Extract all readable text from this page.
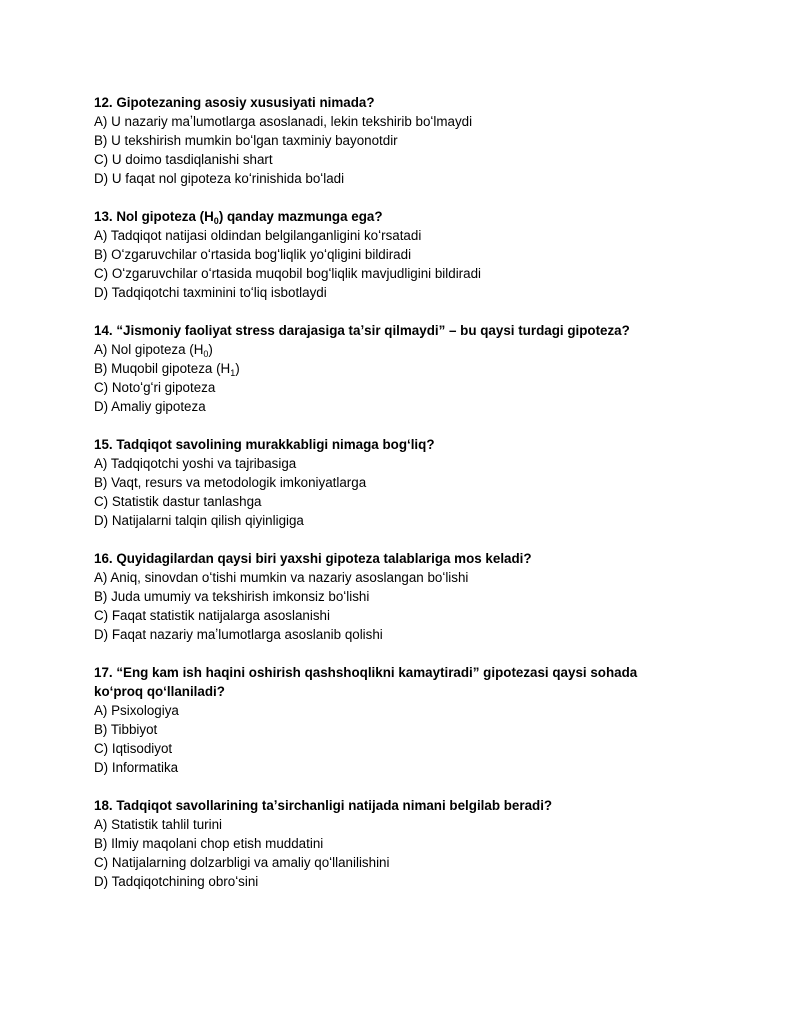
12. Gipotezaning asosiy xususiyati nimada?

A) U nazariy maʼlumotlarga asoslanadi, lekin tekshirib boʻlmaydi

B) U tekshirish mumkin boʻlgan taxminiy bayonotdir

C) U doimo tasdiqlanishi shart

D) U faqat nol gipoteza koʻrinishida boʻladi

13. Nol gipoteza $(H_0)$ qanday mazmunga ega?

A) Tadqiqot natijasi oldindan belgilanganligini koʻrsatadi

B) Oʻzgaruvchilar oʻrtasida bogʻliqlik yoʻqligini bildiradi

C) Oʻzgaruvchilar oʻrtasida muqobil bogʻliqlik mavjudligini bildiradi

D) Tadqiqotchi taxminini toʻliq isbotlaydi

14. “Jismoniy faoliyat stress darajasiga taʼsir qilmaydi” – bu qaysi turdagi gipoteza?

A) Nol gipoteza $(H_0)$

B) Muqobil gipoteza $(H_1)$

C) Notoʻgʻri gipoteza

D) Amaliy gipoteza

15. Tadqiqot savolining murakkabligi nimaga bogʻliq?

A) Tadqiqotchi yoshi va tajribasiga

B) Vaqt, resurs va metodologik imkoniyatlarga

C) Statistik dastur tanlashga

D) Natijalarni talqin qilish qiyinligiga

16. Quyidagilardan qaysi biri yaxshi gipoteza talablariga mos keladi?

A) Aniq, sinovdan oʻtishi mumkin va nazariy asoslangan boʻlishi

B) Juda umumiy va tekshirish imkonsiz boʻlishi

C) Faqat statistik natijalarga asoslanishi

D) Faqat nazariy maʼlumotlarga asoslanib qolishi

17. “Eng kam ish haqini oshirish qashshoqlikni kamaytiradi” gipotezasi qaysi sohada

koʻproq qoʻllaniladi?

A) Psixologiya

B) Tibbiyot

C) Iqtisodiyot

D) Informatika

18. Tadqiqot savollarining taʼsirchanligi natijada nimani belgilab beradi?

A) Statistik tahlil turini

B) Ilmiy maqolani chop etish muddatini

C) Natijalarning dolzarbligi va amaliy qoʻllanilishini

D) Tadqiqotchining obroʻsini
